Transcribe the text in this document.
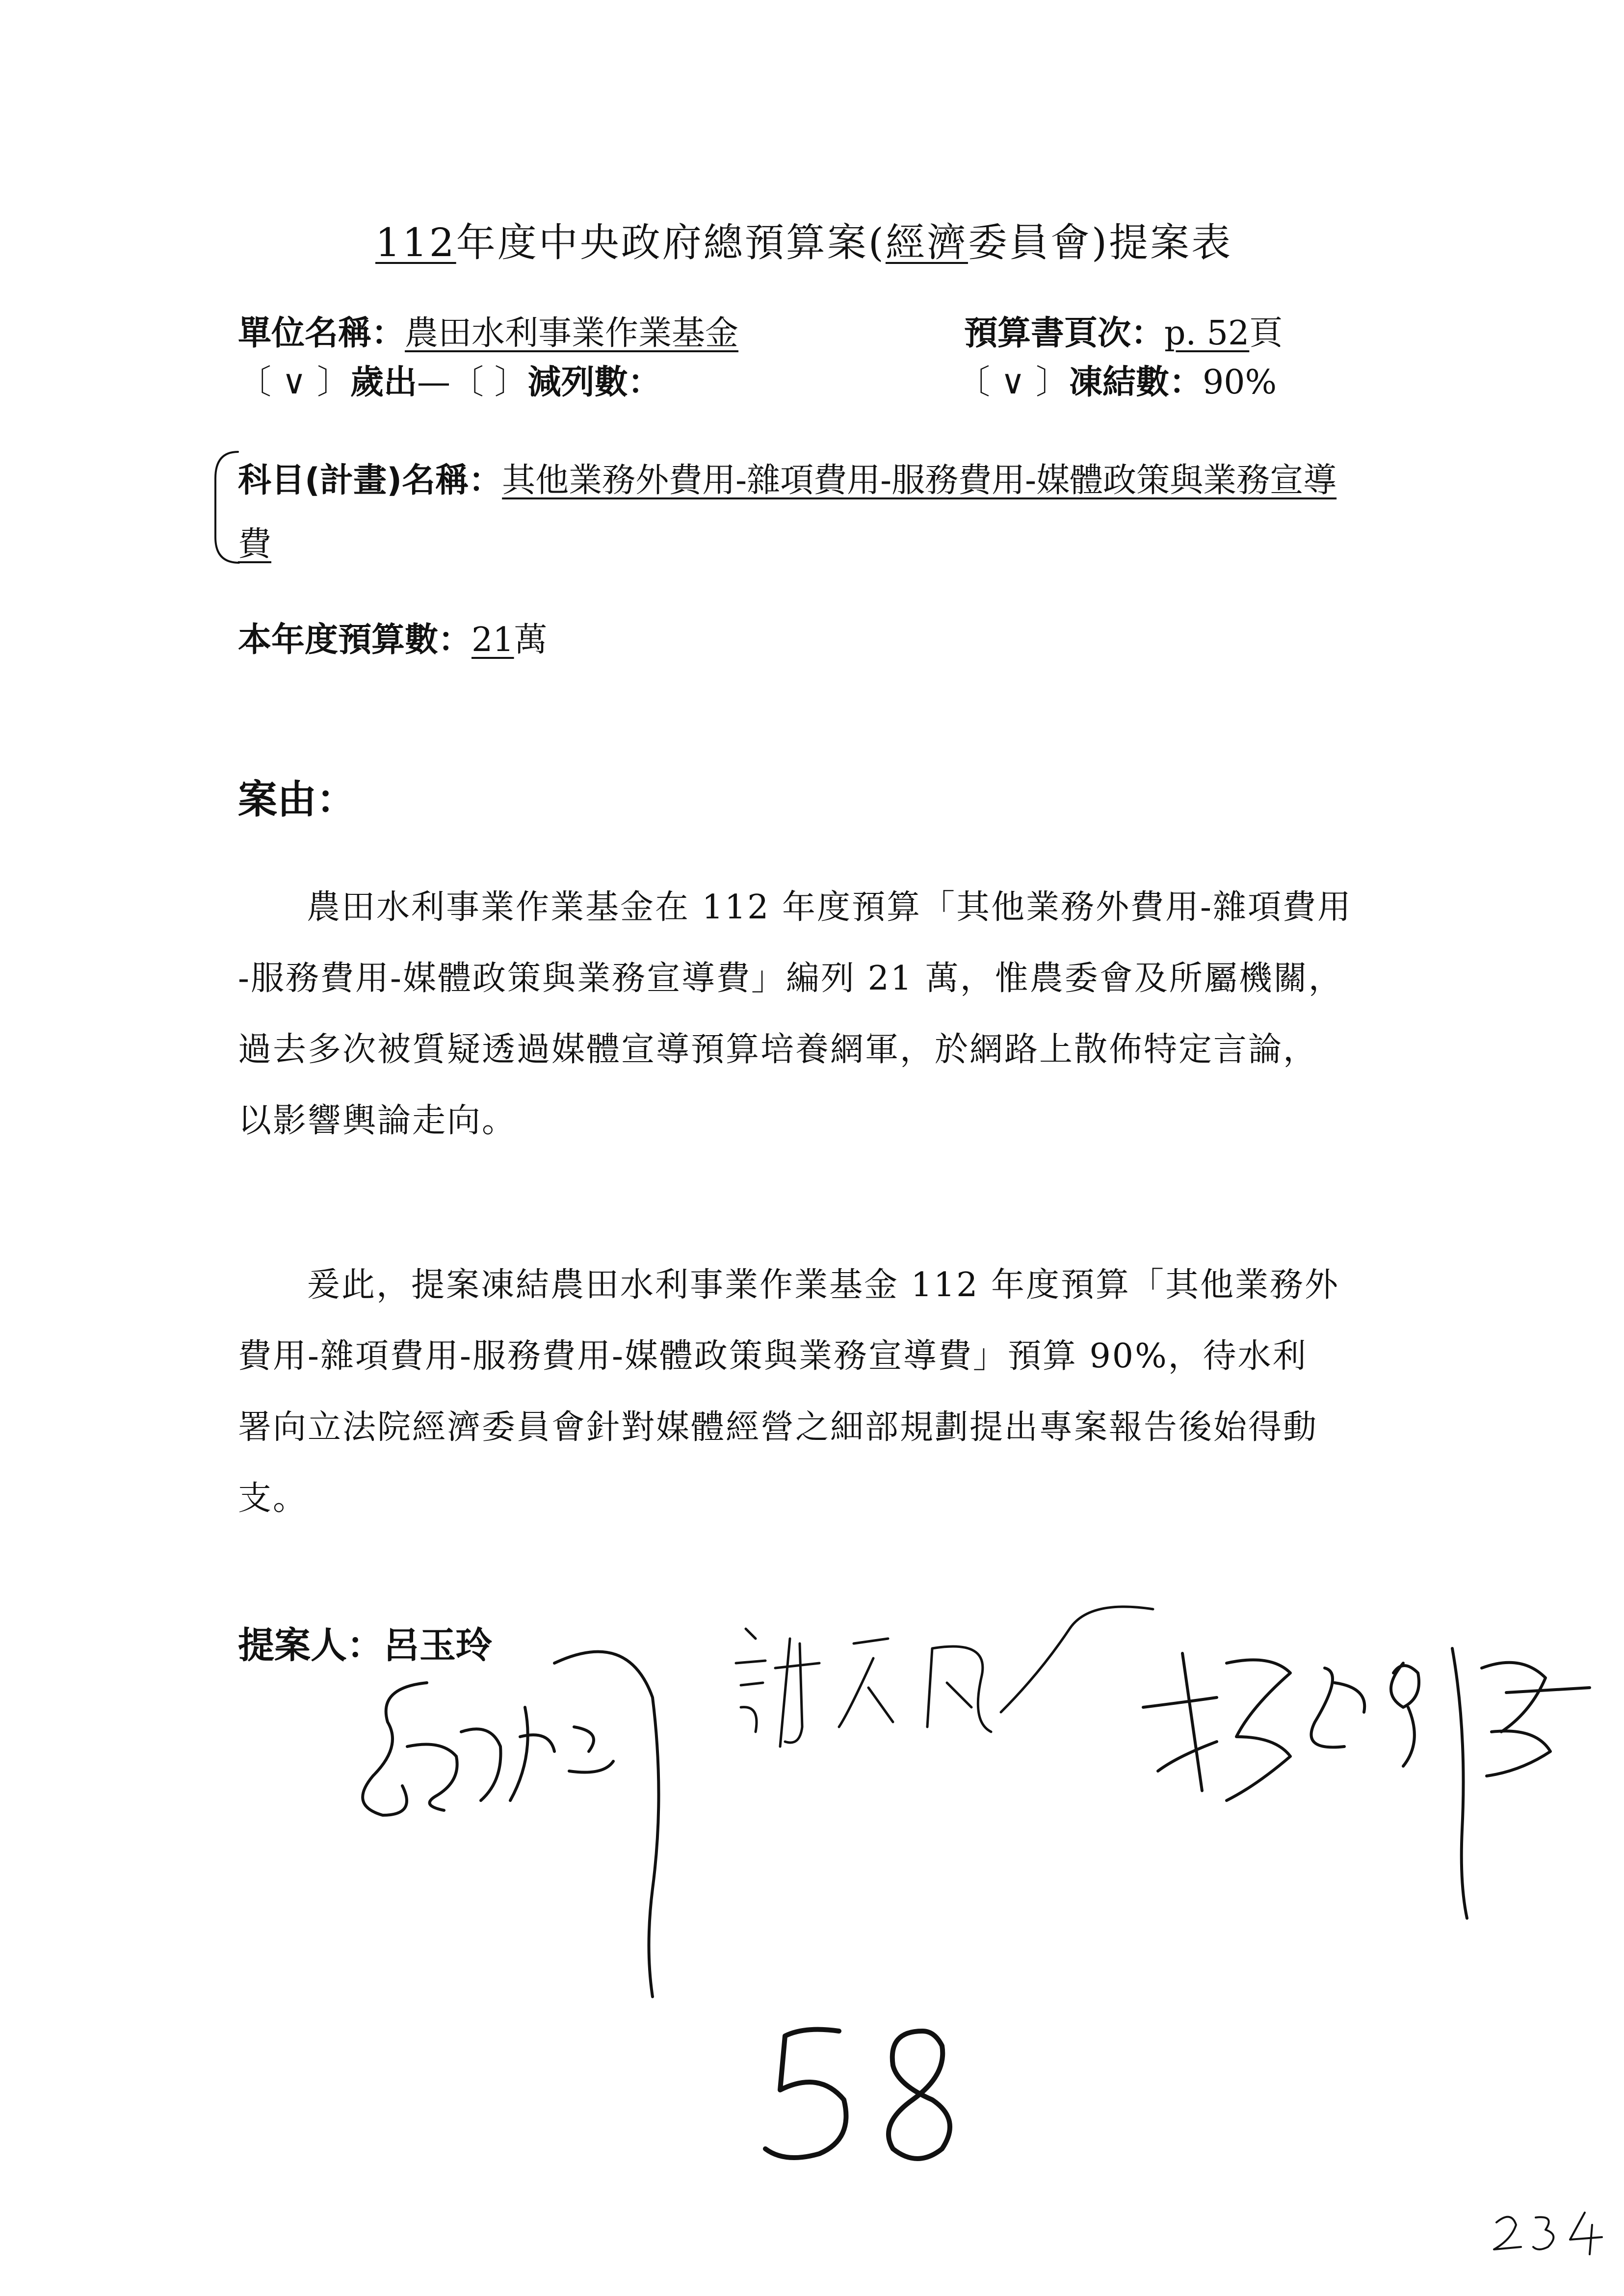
112年度中央政府總預算案(經濟委員會)提案表
單位名稱：農田水利事業作業基金	預算書頁次：p. 52頁
〔 ∨ 〕歲出—〔 〕減列數：	〔 ∨ 〕凍結數：90%
科目(計畫)名稱：其他業務外費用-雜項費用-服務費用-媒體政策與業務宣導
費
本年度預算數：21萬
案由：
農田水利事業作業基金在 112 年度預算「其他業務外費用-雜項費用
-服務費用-媒體政策與業務宣導費」編列 21 萬，惟農委會及所屬機關，
過去多次被質疑透過媒體宣導預算培養網軍，於網路上散佈特定言論，
以影響輿論走向。
爰此，提案凍結農田水利事業作業基金 112 年度預算「其他業務外
費用-雜項費用-服務費用-媒體政策與業務宣導費」預算 90%，待水利
署向立法院經濟委員會針對媒體經營之細部規劃提出專案報告後始得動
支。
提案人：呂玉玲
